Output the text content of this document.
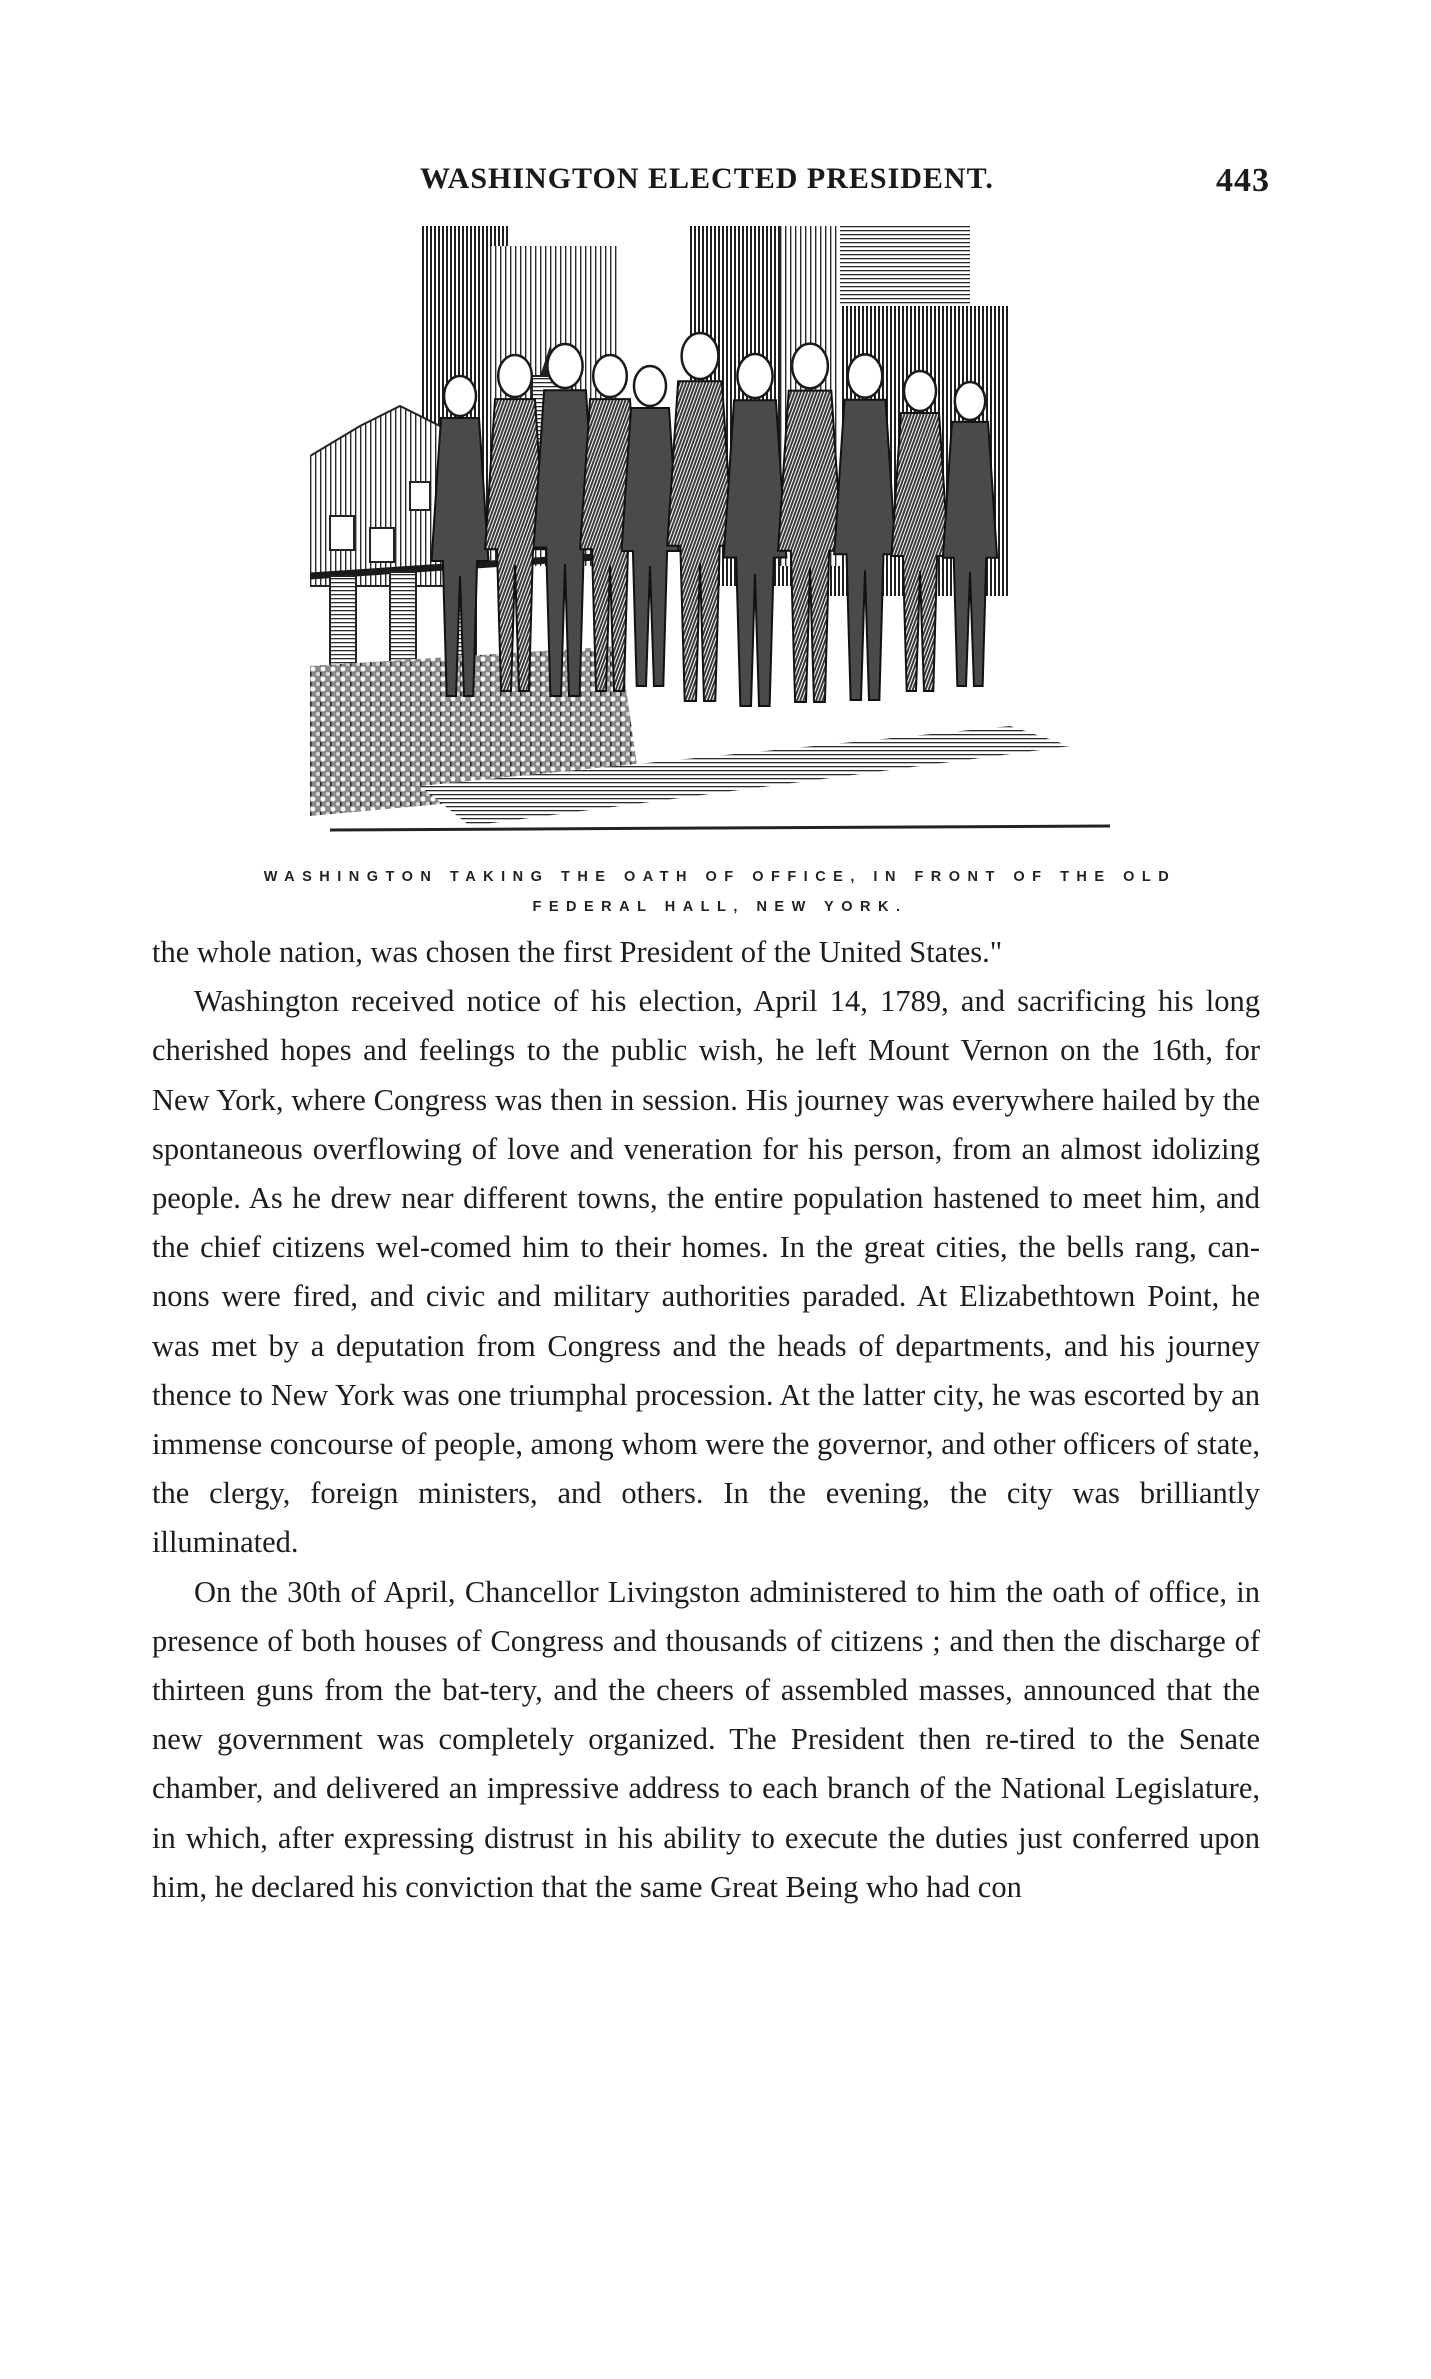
WASHINGTON ELECTED PRESIDENT.	443
WASHINGTON TAKING THE OATH OF OFFICE, IN FRONT OF THE OLD
FEDERAL HALL, NEW YORK.

the whole nation, was chosen the first President of the United States."

Washington received notice of his election, April 14, 1789, and sacrificing his long cherished hopes and feelings to the public wish, he left Mount Vernon on the 16th, for New York, where Congress was then in session. His journey was everywhere hailed by the spontaneous overflowing of love and veneration for his person, from an almost idolizing people. As he drew near different towns, the entire population hastened to meet him, and the chief citizens wel-comed him to their homes. In the great cities, the bells rang, can-nons were fired, and civic and military authorities paraded. At Elizabethtown Point, he was met by a deputation from Congress and the heads of departments, and his journey thence to New York was one triumphal procession. At the latter city, he was escorted by an immense concourse of people, among whom were the governor, and other officers of state, the clergy, foreign ministers, and others. In the evening, the city was brilliantly illuminated.

On the 30th of April, Chancellor Livingston administered to him the oath of office, in presence of both houses of Congress and thousands of citizens ; and then the discharge of thirteen guns from the bat-tery, and the cheers of assembled masses, announced that the new government was completely organized. The President then re-tired to the Senate chamber, and delivered an impressive address to each branch of the National Legislature, in which, after expressing distrust in his ability to execute the duties just conferred upon him, he declared his conviction that the same Great Being who had con
